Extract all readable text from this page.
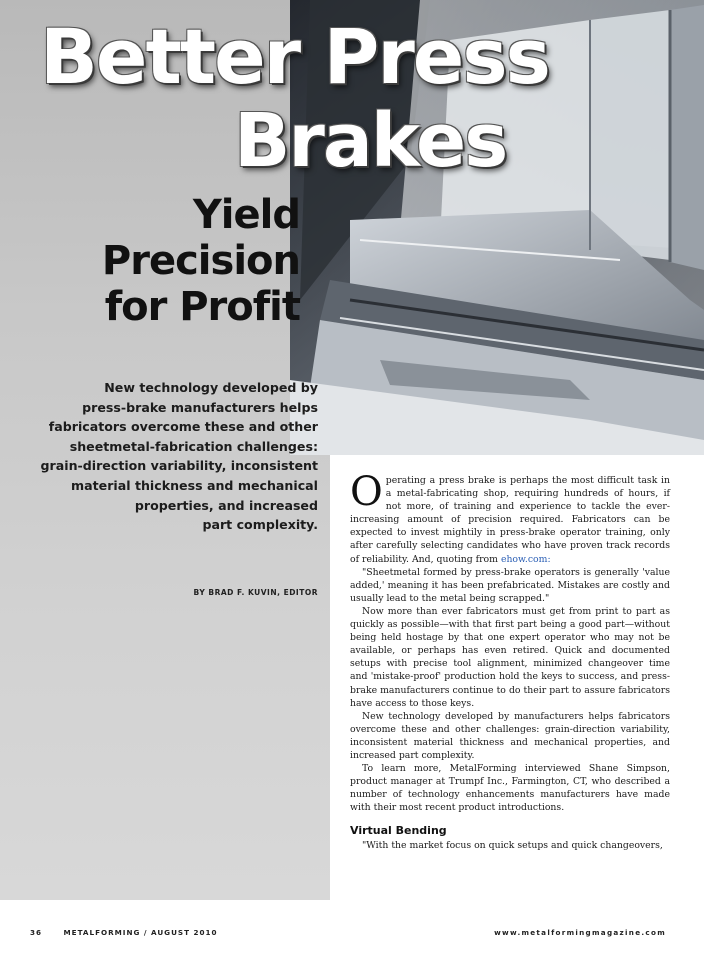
Better Press
Brakes
Yield
Precision
for Profit
New technology developed by
press-brake manufacturers helps
fabricators overcome these and other
sheetmetal-fabrication challenges:
grain-direction variability, inconsistent
material thickness and mechanical
properties, and increased
part complexity.
BY BRAD F. KUVIN, EDITOR

Operating a press brake is perhaps the most difficult task in a metal-fabricating shop, requiring hundreds of hours, if not more, of training and experience to tackle the ever-increasing amount of precision required. Fabricators can be expected to invest mightily in press-brake operator training, only after carefully selecting candidates who have proven track records of reliability. And, quoting from ehow.com:

"Sheetmetal formed by press-brake operators is generally 'value added,' meaning it has been prefabricated. Mistakes are costly and usually lead to the metal being scrapped."

Now more than ever fabricators must get from print to part as quickly as possible—with that first part being a good part—without being held hostage by that one expert operator who may not be available, or perhaps has even retired. Quick and documented setups with precise tool alignment, minimized changeover time and 'mistake-proof' production hold the keys to success, and press-brake manufacturers continue to do their part to assure fabricators have access to those keys.

New technology developed by manufacturers helps fabricators overcome these and other challenges: grain-direction variability, inconsistent material thickness and mechanical properties, and increased part complexity.

To learn more, MetalForming interviewed Shane Simpson, product manager at Trumpf Inc., Farmington, CT, who described a number of technology enhancements manufacturers have made with their most recent product introductions.

Virtual Bending

"With the market focus on quick setups and quick changeovers,

36	METALFORMING / AUGUST 2010	www.metalformingmagazine.com
